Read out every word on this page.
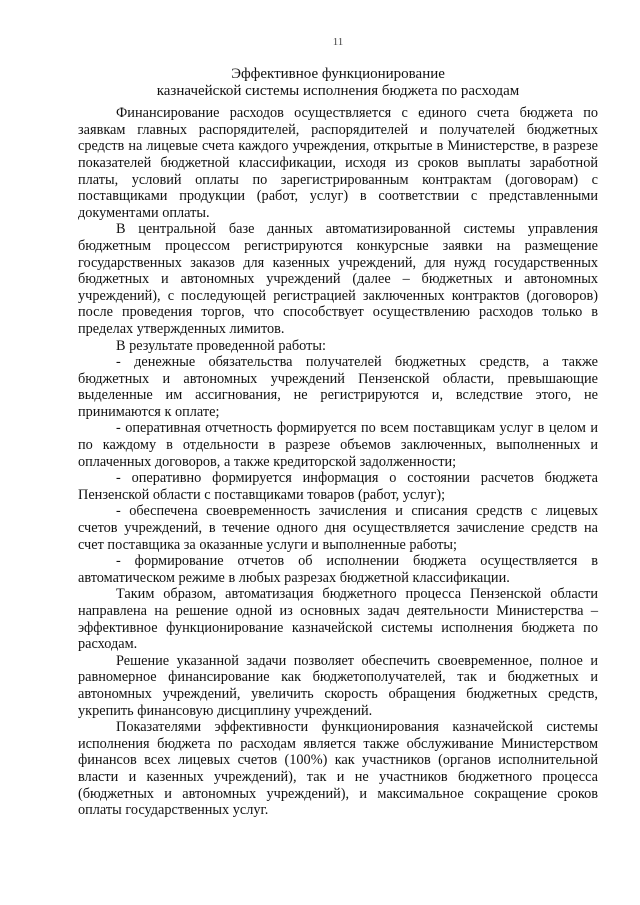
11
Эффективное функционирование
казначейской системы исполнения бюджета по расходам

Финансирование расходов осуществляется с единого счета бюджета по заявкам главных распорядителей, распорядителей и получателей бюджетных средств на лицевые счета каждого учреждения, открытые в Министерстве, в разрезе показателей бюджетной классификации, исходя из сроков выплаты заработной платы, условий оплаты по зарегистрированным контрактам (договорам) с поставщиками продукции (работ, услуг) в соответствии с представленными документами оплаты.

В центральной базе данных автоматизированной системы управления бюджетным процессом регистрируются конкурсные заявки на размещение государственных заказов для казенных учреждений, для нужд государственных бюджетных и автономных учреждений (далее – бюджетных и автономных учреждений), с последующей регистрацией заключенных контрактов (договоров) после проведения торгов, что способствует осуществлению расходов только в пределах утвержденных лимитов.

В результате проведенной работы:

- денежные обязательства получателей бюджетных средств, а также бюджетных и автономных учреждений Пензенской области, превышающие выделенные им ассигнования, не регистрируются и, вследствие этого, не принимаются к оплате;

- оперативная отчетность формируется по всем поставщикам услуг в целом и по каждому в отдельности в разрезе объемов заключенных, выполненных и оплаченных договоров, а также кредиторской задолженности;

- оперативно формируется информация о состоянии расчетов бюджета Пензенской области с поставщиками товаров (работ, услуг);

- обеспечена своевременность зачисления и списания средств с лицевых счетов учреждений, в течение одного дня осуществляется зачисление средств на счет поставщика за оказанные услуги и выполненные работы;

- формирование отчетов об исполнении бюджета осуществляется в автоматическом режиме в любых разрезах бюджетной классификации.

Таким образом, автоматизация бюджетного процесса Пензенской области направлена на решение одной из основных задач деятельности Министерства – эффективное функционирование казначейской системы исполнения бюджета по расходам.

Решение указанной задачи позволяет обеспечить своевременное, полное и равномерное финансирование как бюджетополучателей, так и бюджетных и автономных учреждений, увеличить скорость обращения бюджетных средств, укрепить финансовую дисциплину учреждений.

Показателями эффективности функционирования казначейской системы исполнения бюджета по расходам является также обслуживание Министерством финансов всех лицевых счетов (100%) как участников (органов исполнительной власти и казенных учреждений), так и не участников бюджетного процесса (бюджетных и автономных учреждений), и максимальное сокращение сроков оплаты государственных услуг.
